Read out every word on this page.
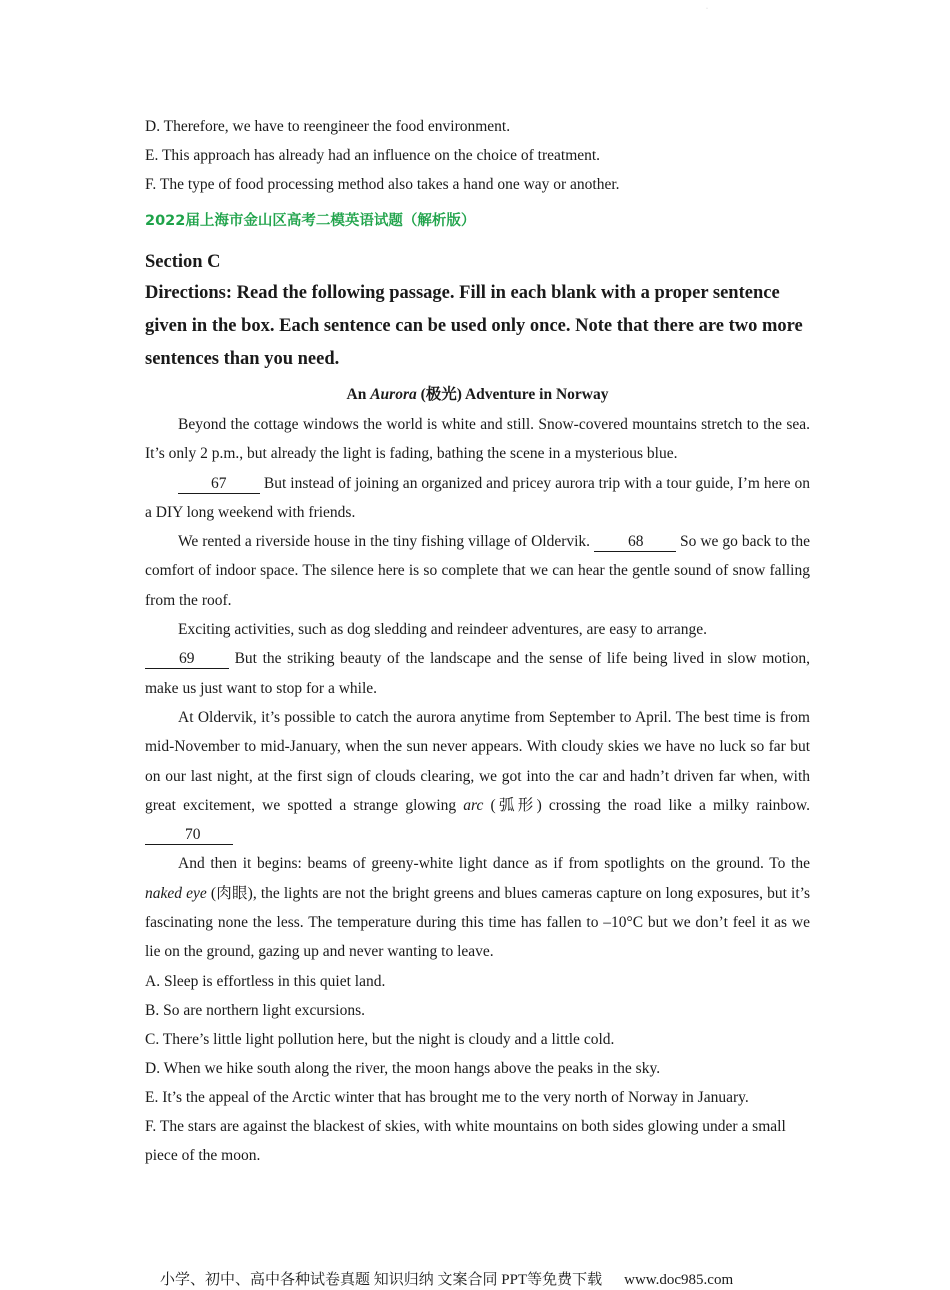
·
D. Therefore, we have to reengineer the food environment.
E. This approach has already had an influence on the choice of treatment.
F. The type of food processing method also takes a hand one way or another.
2022届上海市金山区高考二模英语试题（解析版）
Section C
Directions: Read the following passage. Fill in each blank with a proper sentence given in the box. Each sentence can be used only once. Note that there are two more sentences than you need.
An Aurora (极光) Adventure in Norway
Beyond the cottage windows the world is white and still. Snow-covered mountains stretch to the sea. It’s only 2 p.m., but already the light is fading, bathing the scene in a mysterious blue.
67 But instead of joining an organized and pricey aurora trip with a tour guide, I’m here on a DIY long weekend with friends.
We rented a riverside house in the tiny fishing village of Oldervik. 68 So we go back to the comfort of indoor space. The silence here is so complete that we can hear the gentle sound of snow falling from the roof.
Exciting activities, such as dog sledding and reindeer adventures, are easy to arrange.
69 But the striking beauty of the landscape and the sense of life being lived in slow motion, make us just want to stop for a while.
At Oldervik, it’s possible to catch the aurora anytime from September to April. The best time is from mid-November to mid-January, when the sun never appears. With cloudy skies we have no luck so far but on our last night, at the first sign of clouds clearing, we got into the car and hadn’t driven far when, with great excitement, we spotted a strange glowing arc (弧形) crossing the road like a milky rainbow. 70
And then it begins: beams of greeny-white light dance as if from spotlights on the ground. To the naked eye (肉眼), the lights are not the bright greens and blues cameras capture on long exposures, but it’s fascinating none the less. The temperature during this time has fallen to –10°C but we don’t feel it as we lie on the ground, gazing up and never wanting to leave.
A. Sleep is effortless in this quiet land.
B. So are northern light excursions.
C. There’s little light pollution here, but the night is cloudy and a little cold.
D. When we hike south along the river, the moon hangs above the peaks in the sky.
E. It’s the appeal of the Arctic winter that has brought me to the very north of Norway in January.
F. The stars are against the blackest of skies, with white mountains on both sides glowing under a small piece of the moon.
小学、初中、高中各种试卷真题 知识归纳 文案合同 PPT等免费下载 www.doc985.com
